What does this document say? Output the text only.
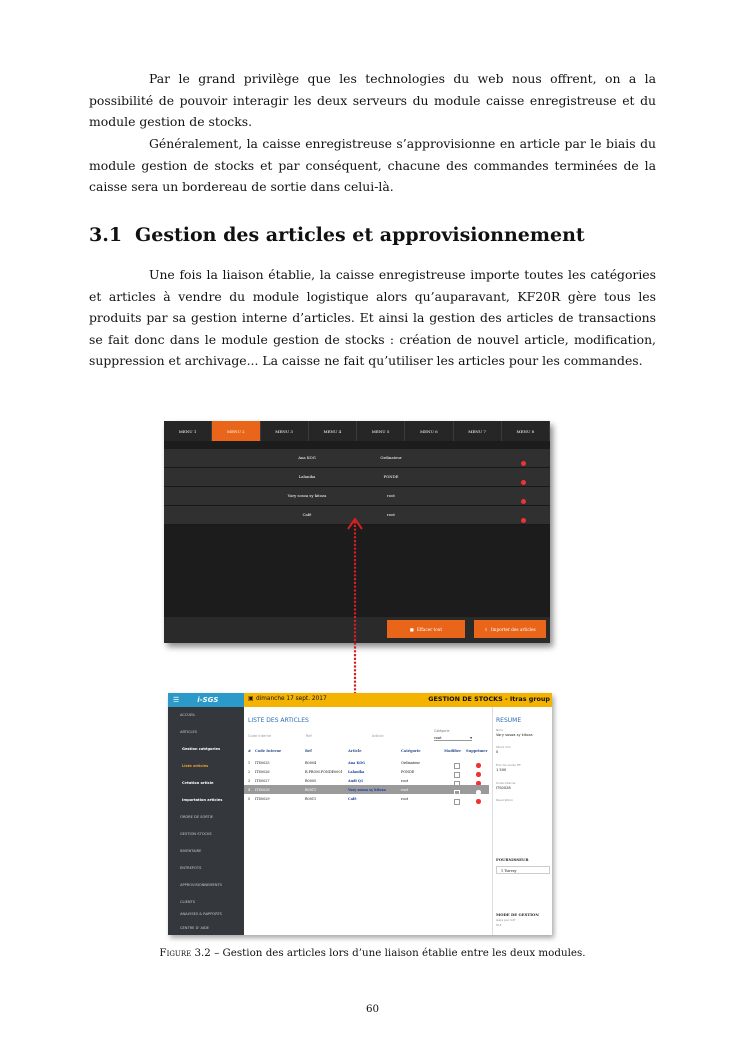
Par le grand privilège que les technologies du web nous offrent, on a la possibilité de pouvoir interagir les deux serveurs du module caisse enregistreuse et du module gestion de stocks.

Généralement, la caisse enregistreuse s’approvisionne en article par le biais du module gestion de stocks et par conséquent, chacune des commandes terminées de la caisse sera un bordereau de sortie dans celui-là.

3.1 Gestion des articles et approvisionnement

Une fois la liaison établie, la caisse enregistreuse importe toutes les catégories et articles à vendre du module logistique alors qu’auparavant, KF20R gère tous les produits par sa gestion interne d’articles. Et ainsi la gestion des articles de transactions se fait donc dans le module gestion de stocks : création de nouvel article, modification, suppression et archivage... La caisse ne fait qu’utiliser les articles pour les commandes.

MENU 1	MENU 2	MENU 3	MENU 4	MENU 5	MENU 6	MENU 7	MENU 8
Ana KOG	Ordinateur
Lalanika	PONDE
Vary sosoa sy kitoza	root
Café	root
■ Effacer tout	⇩ Importer des articles
☰	i-SGS
ACCUEIL
ARTICLES
Gestion catégories
Liste articles
Création article
Importation articles
ORDRE DE SORTIE
GESTION STOCKS
INVENTAIRE
ENTREPOTS
APPROVISIONNEMENTS
CLIENTS
ANALYSES & RAPPORTS
CENTRE D' AIDE
▣ dimanche 17 sept. 2017	GESTION DE STOCKS - Itras group
LISTE DES ARTICLES
Code interne	Ref	Article
Catégorie
root	▾
# Code Interne	Ref	Article	Catégorie	Modifier Supprimer
1 ITS0025	R0004	Ana KOG	Ordinateur
2 ITS0026	R.PROM.PONDE0001 Lalanika	PONDE
3 ITS0027	R0005	Audi Q1	root
4 ITS0028	R0011	Vary sosoa sy kitoza	root
5 ITS0029	R0011	Café	root
RESUME
Nom
Vary sosoa sy kitoza
Stock min
0
Prix de vente HT
1 500
Code interne
ITS0028
Description
FOURNISSEUR
1 Tsiresy
MODE DE GESTION
Gère par lot?
OUI

Figure 3.2 – Gestion des articles lors d’une liaison établie entre les deux modules.

60
